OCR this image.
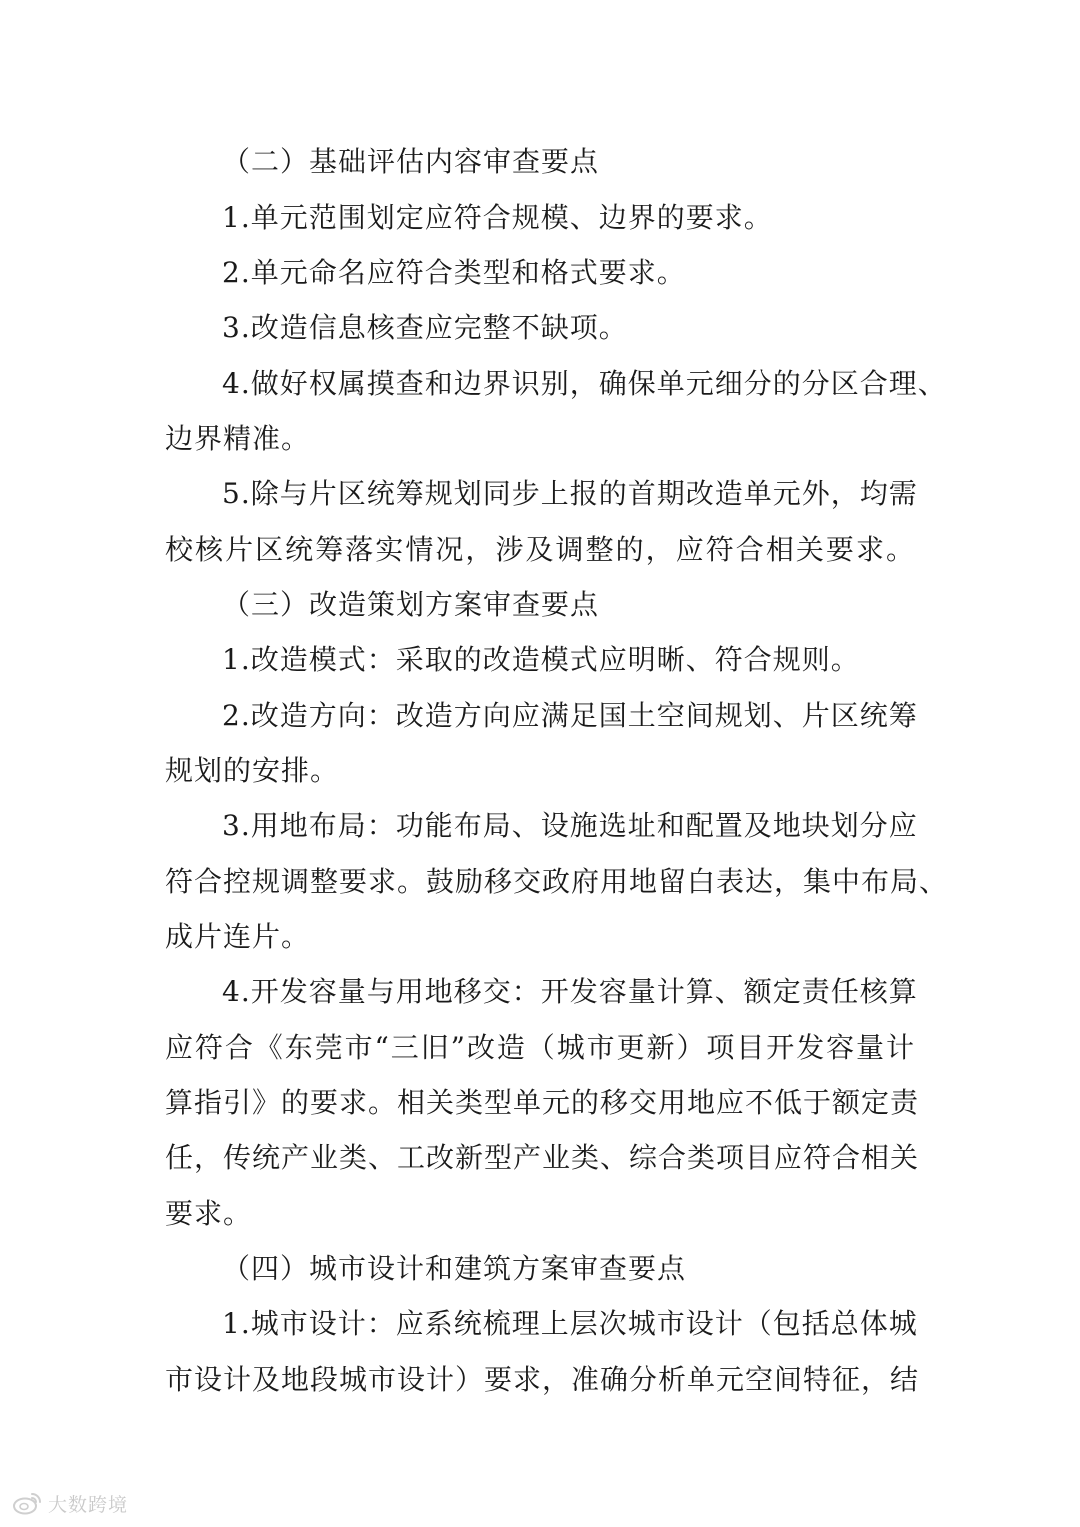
（二）基础评估内容审查要点
1.单元范围划定应符合规模、边界的要求。
2.单元命名应符合类型和格式要求。
3.改造信息核查应完整不缺项。
4.做好权属摸查和边界识别，确保单元细分的分区合理、
边界精准。
5.除与片区统筹规划同步上报的首期改造单元外，均需
校核片区统筹落实情况，涉及调整的，应符合相关要求。
（三）改造策划方案审查要点
1.改造模式：采取的改造模式应明晰、符合规则。
2.改造方向：改造方向应满足国土空间规划、片区统筹
规划的安排。
3.用地布局：功能布局、设施选址和配置及地块划分应
符合控规调整要求。鼓励移交政府用地留白表达，集中布局、
成片连片。
4.开发容量与用地移交：开发容量计算、额定责任核算
应符合《东莞市“三旧”改造（城市更新）项目开发容量计
算指引》的要求。相关类型单元的移交用地应不低于额定责
任，传统产业类、工改新型产业类、综合类项目应符合相关
要求。
（四）城市设计和建筑方案审查要点
1.城市设计：应系统梳理上层次城市设计（包括总体城
市设计及地段城市设计）要求，准确分析单元空间特征，结
大数跨境
